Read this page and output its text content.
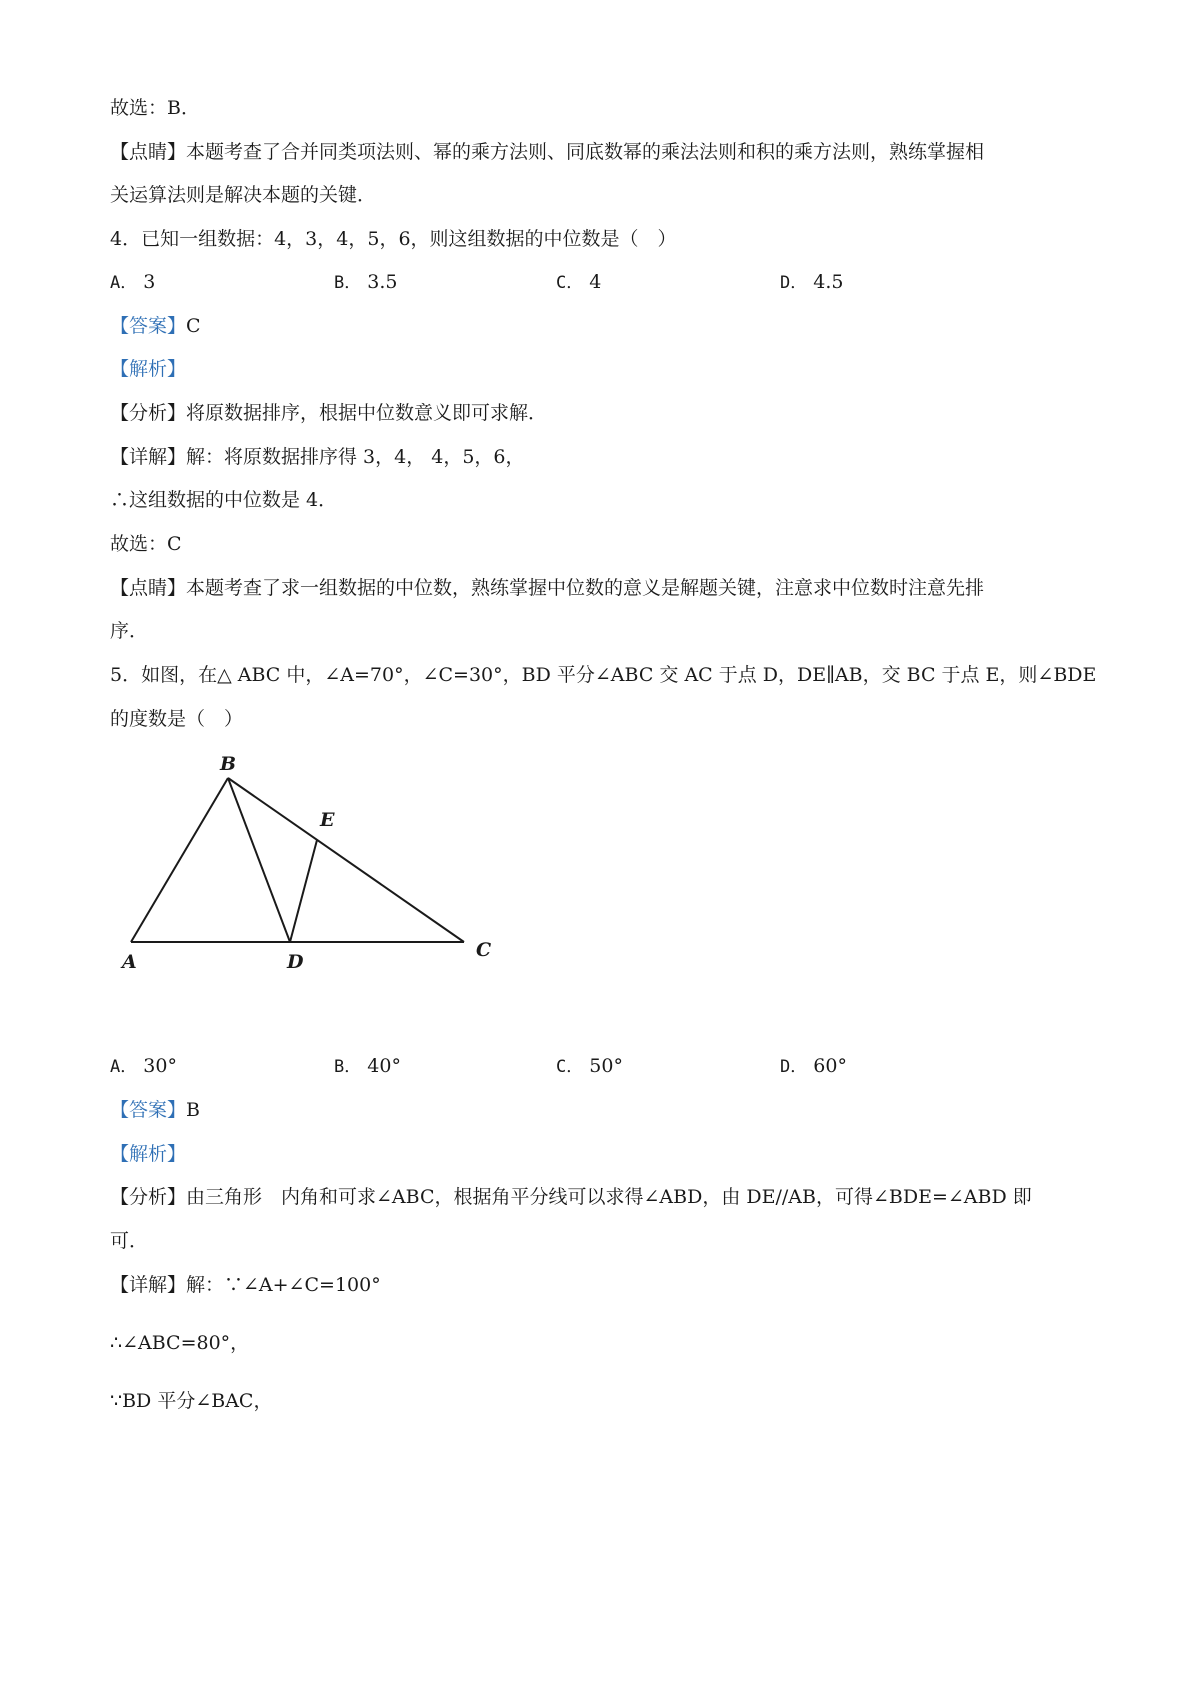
故选：B．
【点睛】本题考查了合并同类项法则、幂的乘方法则、同底数幂的乘法法则和积的乘方法则，熟练掌握相
关运算法则是解决本题的关键．
4．已知一组数据：4，3，4，5，6，则这组数据的中位数是（　）
A． 3	B． 3.5	C． 4	D． 4.5
【答案】C
【解析】
【分析】将原数据排序，根据中位数意义即可求解．
【详解】解：将原数据排序得 3，4， 4，5，6，
∴这组数据的中位数是 4．
故选：C
【点睛】本题考查了求一组数据的中位数，熟练掌握中位数的意义是解题关键，注意求中位数时注意先排
序．
5．如图，在△ ABC 中，∠A=70°，∠C=30°，BD 平分∠ABC 交 AC 于点 D，DE∥AB，交 BC 于点 E，则∠BDE
的度数是（　）
B
E
A	D
C
A． 30°	B． 40°	C． 50°	D． 60°
【答案】B
【解析】
【分析】由三角形　内角和可求∠ABC，根据角平分线可以求得∠ABD，由 DE//AB，可得∠BDE=∠ABD 即
可．
【详解】解：∵∠A+∠C=100°
∴∠ABC=80°，
∵BD 平分∠BAC，
